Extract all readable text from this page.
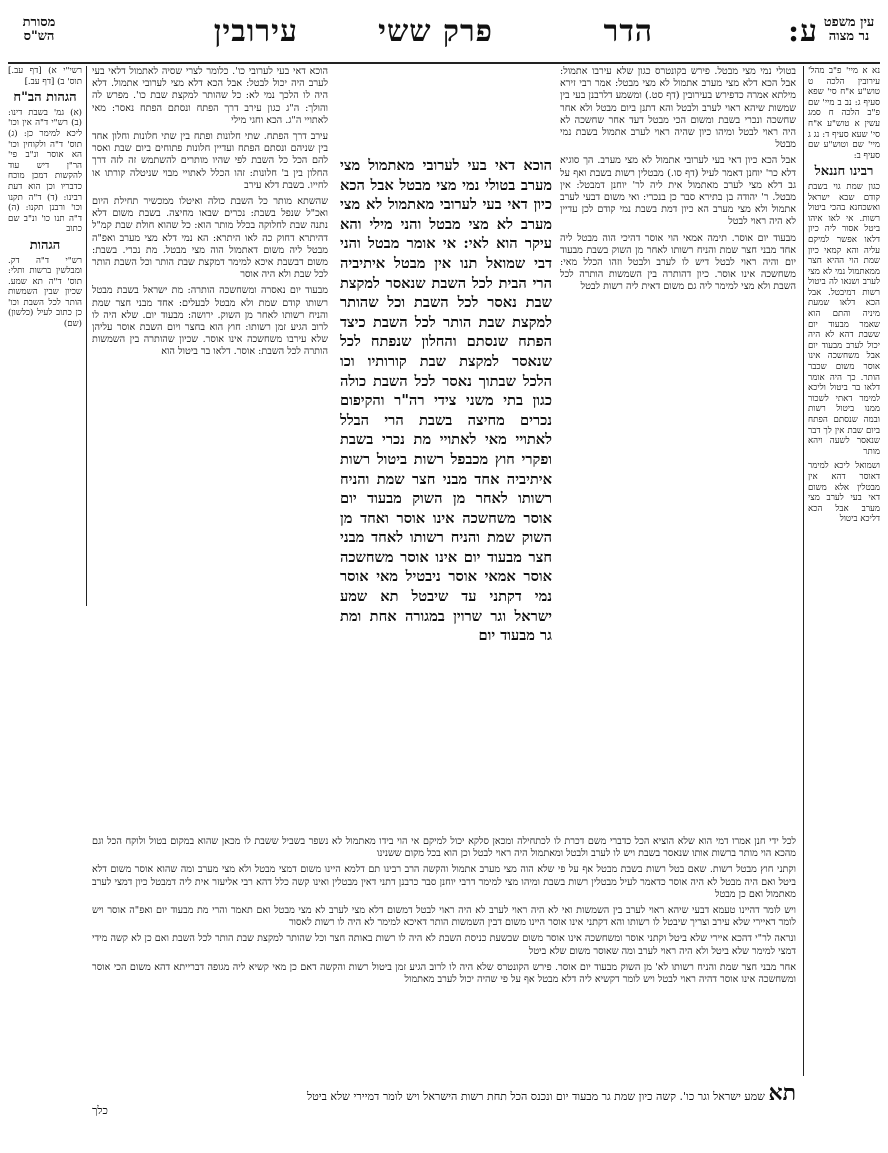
ע:
הדר
פרק ששי
עירובין	עין משפט
נר מצוה
מסורת
הש"ס
נא א מיי' פ"ב מהל' עירובין הלכה ט טוש"ע א"ח סי' שפא סעיף ג: נב ב מיי' שם פ"ב הלכה ח סמג עשין א טוש"ע א"ח סי' שעא סעיף ד: נג ג מיי' שם וטוש"ע שם סעיף ב:
רבינו חננאל
כגון שמת גוי בשבת קודם שבא ישראל ואשכחנא בהכי ביטול רשות. אי לאו איהו ביטל אסור ליה כיון דלאו אפשר למיקם עליה והא קמאי כיון שמת הוי ההיא חצר ממאתמול נמי לא מצי לערב ושנאו לה ביטול רשות דמיבטל. אבל הכא דלאו שמעת מיניה והתם הוא שאמר מבעוד יום ששבת דהא לא היה יכול לערב מבעוד יום אבל משחשכה אינו אוסר משום שכבר הותר. כך היה אומר דלאו בר ביטול וליכא למימר דאתי לשכור ממנו ביטול רשות ובמה שנסתם הפתח ביום שבת אין לך דבר שנאסר לשעה ויהא מותר
ושמואל ליכא למימר דאוסר דהא אין מבטלין אלא משום דאי בעי לערב מצי מערב אבל הכא דליכא ביטול
רשי"י א) [דף עב.] תוס' ב) [דף עב.]
הגהות הב"ח
(א) גמ' בשבת דינו: (ב) רש"י ד"ה אין וכו' ליכא למימר כן: (ג) תוס' ד"ה ולקוחין וכו' הא אוסר ונ"ב פי' הר"ן דיש עוד להקשות דמכן מוכח כדבריו וכן הוא דעת רבינו: (ד) ד"ה תקנו וכו' ורבנן תקנו: (ה) ד"ה תנו כו' ונ"ב שם כתוב
הגהות
רש"י ד"ה דק. ומבלשין ברשות ותלי: תוס' ד"ה תא שמע. שכיון שבין השמשות הותר לכל השבת וכו' כן כתוב לעיל (כלשון) (שם)
בטולי נמי מצי מבטל. פירש בקונטרס כגון שלא עירבו אתמול: אבל הכא דלא מצי מערב אתמול לא מצי מבטל: אמר רבי זירא מילתא אמרה כדפירש בעירובין (דף סט.) ומשמע דלרבנן בעי בין שמשות שיהא ראוי לערב ולבטל והא דתנן ביום מבטל ולא אחר שחשכה ונכרי בשבת ומשום הכי מבטל דעד אחר שחשכה לא היה ראוי לבטל ומיהו כיון שהיה ראוי לערב אתמול בשבת נמי מבטל
אבל הכא כיון דאי בעי לערובי אתמול לא מצי מערב. הך סוגיא דלא כר' יוחנן דאמר לעיל (דף סו.) מבטלין רשות בשבת ואף על גב דלא מצי לערב מאתמול אית ליה לר' יוחנן דמבטל: אין מבטל. ר' יהודה בן בתירא סבר כן בנכרי: ואי משום דבעי לערב אתמול ולא מצי מערב הא כיון דמת בשבת נמי קודם לכן עדיין לא היה ראוי לבטל
מבעוד יום אוסר. תימה אמאי הוי אוסר דהיכי הוה מבטל ליה אחד מבני חצר שמת והניח רשותו לאחר מן השוק בשבת מבעוד יום והיה ראוי לבטל דיש לו לערב ולבטל וזהו הכלל מאי: משחשכה אינו אוסר. כיון דהותרה בין השמשות הותרה לכל השבת ולא מצי למימר ליה גם משום דאית ליה רשות לבטל
הוכא דאי בעי לערובי מאתמול מצי מערב בטולי נמי מצי מבטל אבל הכא כיון דאי בעי לערובי מאתמול לא מצי מערב לא מצי מבטל והני מילי והא עיקר הוא לאי: אי אומר מבטל והני דבי שמואל תנו אין מבטל איתיביה הרי הבית לכל השבת שנאסר למקצת שבת נאסר לכל השבת וכל שהותר למקצת שבת הותר לכל השבת כיצד הפתח שנסתם והחלון שנפתח לכל שנאסר למקצת שבת קורותיו וכו הלכל שבתוך נאסר לכל השבת כולה כגון בתי משני צידי רה"ר והקיפום נכרים מחיצה בשבת הרי הבלל לאתויי מאי לאתויי מת נכרי בשבת ופקרי חוץ מכבפל רשות ביטול רשות איתיביה אחד מבני חצר שמת והניח רשותו לאחר מן השוק מבעוד יום אוסר משחשכה אינו אוסר ואחד מן השוק שמת והניח רשותו לאחד מבני חצר מבעוד יום אינו אוסר משחשכה אוסר אמאי אוסר ניבטיל מאי אוסר נמי דקתני עד שיבטל תא שמע ישראל וגר שרוין במגורה אחת ומת גר מבעוד יום
הוכא דאי בעי לערובי כו'. כלומר לצרי שסיה לאתמול דלאי בעי לערב היה יכול לבטל: אבל הכא דלא מצי לערובי אתמול. דלא היה לו הלכך נמי לא: כל שהותר למקצת שבת כו'. מפרש לה והולך: ה"ג כגון עירב דרך הפתח ונסתם הפתח נאסר: מאי לאתויי ה"ג. הכא וחגי מילי
עירב דרך הפתח. שתי חלונות ופתח בין שתי חלונות וחלון אחד בין שניהם ונסתם הפתח ועדיין חלונות פתוחים ביום שבת ואסר להם הכל כל השבת לפי שהיו מותרים להשתמש זה לזה דרך החלון בין ב' חלונות: זהו הכלל לאתויי מבוי שניטלה קורתו או לחייו. בשבת דלא עירב
שהשתא מותר כל השבת כולה ואיטלו ממכשיר תחילת היום ואכ"ל שנפל בשבת: נכרים שבאו מחיצה. בשבת משום דלא נתנה שבת לחלוקה בכלל מותר הוא: כל שהוא חולת שבת קמ"ל דהיתרא דחוק כה לאו היתרא: הא נמי דלא מצי מערב ואפ"ה מבטל ליה משום דאתמול הוה מצי מבטל. מת נכרי. בשבת: משום דבשבת איכא למימר דמקצת שבת הותר וכל השבת הותר לכל שבת ולא היה אוסר
מבעוד יום נאסרה ומשחשכה הותרה: מת ישראל בשבת מבטל רשותו קודם שמת ולא מבטל לבעלים: אחד מבני חצר שמת והניח רשותו לאחר מן השוק. ירושה: מבעוד יום. שלא היה לו לרוב הגיע זמן רשותו: חוץ הוא בחצר ויום השבת אוסר עליהן שלא עירבו משחשכה אינו אוסר. שכיון שהותרה בין השמשות הותרה לכל השבת: אוסר. דלאו בר ביטול הוא
לכל ידי חנן אמרו דמי הוא שלא הוציא הכל כדברי משם דכרת לו לכתחילה ומכאן סלקא יכול למיקם אי הוי בידו מאתמול לא נשפר בשביל ששבת לו מכאן שהוא במקום בטול ולוקח הכל וגם מהכא הוי מותר ברשות אותו שנאסר בשבת ויש לו לערב ולבטל ומאתמול היה ראוי לבטל וכן הוא בכל מקום ששנינו
וקתני חוץ מבטל רשות. שאם בטל רשות בשבת מבטל אף על פי שלא הוה מצי מערב אתמול והקשה הרב רבינו תם דלמא היינו משום דמצי מבטל ולא מצי מערב ומה שהוא אוסר משום דלא ביטל ואם היה מבטל לא היה אוסר כדאמר לעיל מבטלין רשות בשבת ומיהו מצי למימר דרבי יוחנן סבר כרבנן דתני דאין מבטלין ואינו קשה כלל דהא רבי אליעזר אית ליה דמבטל כיון דמצי לערב מאתמול ואם כן מבטל
ויש לומר דהיינו טעמא דבעי שיהא ראוי לערב בין השמשות ואי לא היה ראוי לערב לא היה ראוי לבטל דמשום דלא מצי לערב לא מצי מבטל ואם תאמר והרי מת מבעוד יום ואפ"ה אוסר ויש לומר דאיירי שלא עירב וצריך שיבטל לו רשותו והא דקתני אינו אוסר היינו משום דבין השמשות הותר דאיכא למימר לא היה לו רשות לאסור
ונראה לר"י דהכא איירי שלא ביטל וקתני אוסר ומשחשכה אינו אוסר משום שבשעת כניסת השבת לא היה לו רשות באותה חצר וכל שהותר למקצת שבת הותר לכל השבת ואם כן לא קשה מידי דמצי למימר שלא ביטל ולא היה ראוי לערב ומה שאוסר משום שלא ביטל
אחר מבני חצר שמת והניח רשותו לא' מן השוק מבעוד יום אוסר. פירש הקונטרס שלא היה לו לרוב הגיע זמן ביטול רשות והקשה דאם כן מאי קשיא ליה מגופה דברייתא דהא משום הכי אוסר ומשחשכה אינו אוסר דהיה ראוי לבטל ויש לומר דקשיא ליה דלא מבטל אף על פי שהיה יכול לערב מאתמול
תא שמע ישראל וגר כו'. קשה כיון שמת גר מבעוד יום ונכנס הכל תחת רשות הישראל ויש לומר דמיירי שלא ביטל
כלך
